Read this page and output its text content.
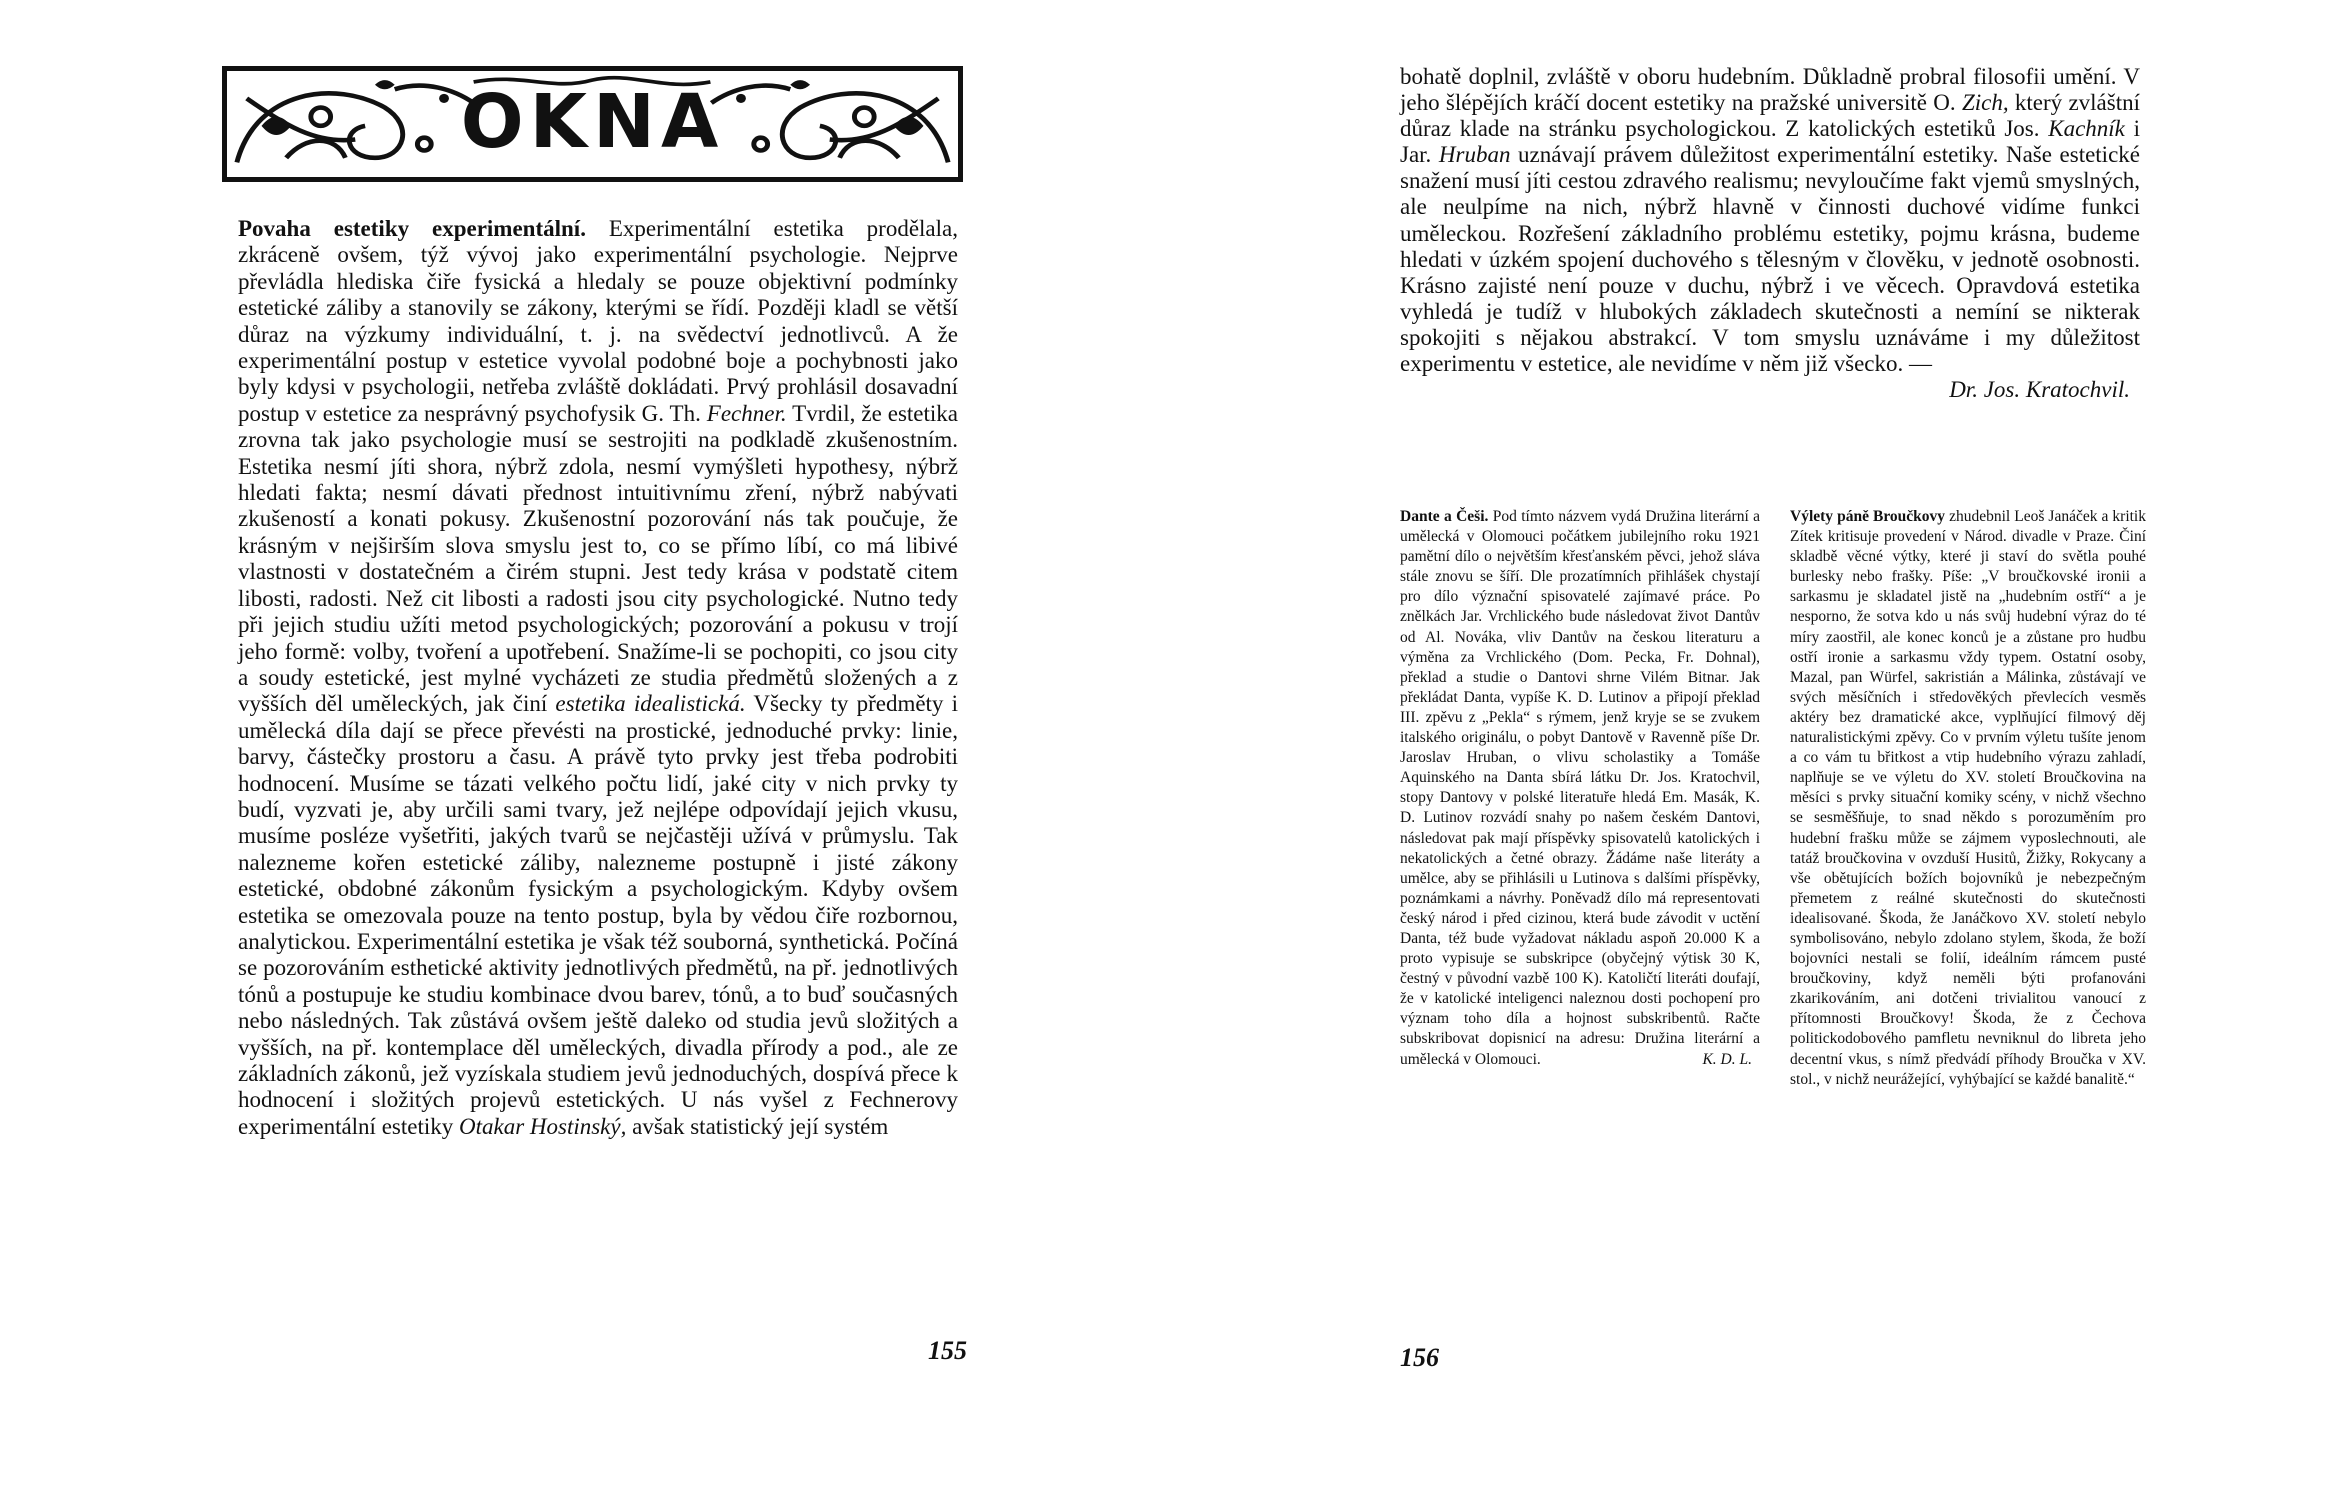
OKNA

Povaha estetiky experimentální. Experimentální estetika prodělala, zkráceně ovšem, týž vývoj jako experimentální psychologie. Nejprve převládla hlediska čiře fysická a hledaly se pouze objektivní podmínky estetické záliby a stanovily se zákony, kterými se řídí. Později kladl se větší důraz na výzkumy individuální, t. j. na svědectví jednotlivců. A že experimentální postup v estetice vyvolal podobné boje a pochybnosti jako byly kdysi v psychologii, netřeba zvláště dokládati. Prvý prohlásil dosavadní postup v estetice za nesprávný psychofysik G. Th. Fechner. Tvrdil, že estetika zrovna tak jako psychologie musí se sestrojiti na podkladě zkušenostním. Estetika nesmí jíti shora, nýbrž zdola, nesmí vymýšleti hypothesy, nýbrž hledati fakta; nesmí dávati přednost intuitivnímu zření, nýbrž nabývati zkušeností a konati pokusy. Zkušenostní pozorování nás tak poučuje, že krásným v nejširším slova smyslu jest to, co se přímo líbí, co má libivé vlastnosti v dostatečném a čirém stupni. Jest tedy krása v podstatě citem libosti, radosti. Než cit libosti a radosti jsou city psychologické. Nutno tedy při jejich studiu užíti metod psychologických; pozorování a pokusu v trojí jeho formě: volby, tvoření a upotřebení. Snažíme-li se pochopiti, co jsou city a soudy estetické, jest mylné vycházeti ze studia předmětů složených a z vyšších děl uměleckých, jak činí estetika idealistická. Všecky ty předměty i umělecká díla dají se přece převésti na prostické, jednoduché prvky: linie, barvy, částečky prostoru a času. A právě tyto prvky jest třeba podrobiti hodnocení. Musíme se tázati velkého počtu lidí, jaké city v nich prvky ty budí, vyzvati je, aby určili sami tvary, jež nejlépe odpovídají jejich vkusu, musíme posléze vyšetřiti, jakých tvarů se nejčastěji užívá v průmyslu. Tak nalezneme kořen estetické záliby, nalezneme postupně i jisté zákony estetické, obdobné zákonům fysickým a psychologickým. Kdyby ovšem estetika se omezovala pouze na tento postup, byla by vědou čiře rozbornou, analytickou. Experimentální estetika je však též souborná, synthetická. Počíná se pozorováním esthetické aktivity jednotlivých předmětů, na př. jednotlivých tónů a postupuje ke studiu kombinace dvou barev, tónů, a to buď současných nebo následných. Tak zůstává ovšem ještě daleko od studia jevů složitých a vyšších, na př. kontemplace děl uměleckých, divadla přírody a pod., ale ze základních zákonů, jež vyzískala studiem jevů jednoduchých, dospívá přece k hodnocení i složitých projevů estetických. U nás vyšel z Fechnerovy experimentální estetiky Otakar Hostinský, avšak statistický její systém

155

bohatě doplnil, zvláště v oboru hudebním. Důkladně probral filosofii umění. V jeho šlépějích kráčí docent estetiky na pražské universitě O. Zich, který zvláštní důraz klade na stránku psychologickou. Z katolických estetiků Jos. Kachník i Jar. Hruban uznávají právem důležitost experimentální estetiky. Naše estetické snažení musí jíti cestou zdravého realismu; nevyloučíme fakt vjemů smyslných, ale neulpíme na nich, nýbrž hlavně v činnosti duchové vidíme funkci uměleckou. Rozřešení základního problému estetiky, pojmu krásna, budeme hledati v úzkém spojení duchového s tělesným v člověku, v jednotě osobnosti. Krásno zajisté není pouze v duchu, nýbrž i ve věcech. Opravdová estetika vyhledá je tudíž v hlubokých základech skutečnosti a nemíní se nikterak spokojiti s nějakou abstrakcí. V tom smyslu uznáváme i my důležitost experimentu v estetice, ale nevidíme v něm již všecko. —

Dr. Jos. Kratochvil.

Dante a Češi. Pod tímto názvem vydá Družina literární a umělecká v Olomouci počátkem jubilejního roku 1921 pamětní dílo o největším křesťanském pěvci, jehož sláva stále znovu se šíří. Dle prozatímních přihlášek chystají pro dílo význační spisovatelé zajímavé práce. Po znělkách Jar. Vrchlického bude následovat život Dantův od Al. Nováka, vliv Dantův na českou literaturu a výměna za Vrchlického (Dom. Pecka, Fr. Dohnal), překlad a studie o Dantovi shrne Vilém Bitnar. Jak překládat Danta, vypíše K. D. Lutinov a připojí překlad III. zpěvu z „Pekla“ s rýmem, jenž kryje se se zvukem italského originálu, o pobyt Dantově v Ravenně píše Dr. Jaroslav Hruban, o vlivu scholastiky a Tomáše Aquinského na Danta sbírá látku Dr. Jos. Kratochvil, stopy Dantovy v polské literatuře hledá Em. Masák, K. D. Lutinov rozvádí snahy po našem českém Dantovi, následovat pak mají příspěvky spisovatelů katolických i nekatolických a četné obrazy. Žádáme naše literáty a umělce, aby se přihlásili u Lutinova s dalšími příspěvky, poznámkami a návrhy. Poněvadž dílo má representovati český národ i před cizinou, která bude závodit v uctění Danta, též bude vyžadovat nákladu aspoň 20.000 K a proto vypisuje se subskripce (obyčejný výtisk 30 K, čestný v původní vazbě 100 K). Katoličtí literáti doufají, že v katolické inteligenci naleznou dosti pochopení pro význam toho díla a hojnost subskribentů. Račte subskribovat dopisnicí na adresu: Družina literární a umělecká v Olomouci.	K. D. L.

Výlety páně Broučkovy zhudebnil Leoš Janáček a kritik Zítek kritisuje provedení v Národ. divadle v Praze. Činí skladbě věcné výtky, které ji staví do světla pouhé burlesky nebo frašky. Píše: „V broučkovské ironii a sarkasmu je skladatel jistě na „hudebním ostří“ a je nesporno, že sotva kdo u nás svůj hudební výraz do té míry zaostřil, ale konec konců je a zůstane pro hudbu ostří ironie a sarkasmu vždy typem. Ostatní osoby, Mazal, pan Würfel, sakristián a Málinka, zůstávají ve svých měsíčních i středověkých převlecích vesměs aktéry bez dramatické akce, vyplňující filmový děj naturalistickými zpěvy. Co v prvním výletu tušíte jenom a co vám tu břitkost a vtip hudebního výrazu zahladí, naplňuje se ve výletu do XV. století Broučkovina na měsíci s prvky situační komiky scény, v nichž všechno se sesměšňuje, to snad někdo s porozuměním pro hudební frašku může se zájmem vyposlechnouti, ale tatáž broučkovina v ovzduší Husitů, Žižky, Rokycany a vše obětujících božích bojovníků je nebezpečným přemetem z reálné skutečnosti do skutečnosti idealisované. Škoda, že Janáčkovo XV. století nebylo symbolisováno, nebylo zdolano stylem, škoda, že boží bojovníci nestali se folií, ideálním rámcem pusté broučkoviny, když neměli býti profanováni zkarikováním, ani dotčeni trivialitou vanoucí z přítomnosti Broučkovy! Škoda, že z Čechova politickodobového pamfletu nevniknul do libreta jeho decentní vkus, s nímž předvádí příhody Broučka v XV. stol., v nichž neurážející, vyhýbající se každé banalitě.“

156
